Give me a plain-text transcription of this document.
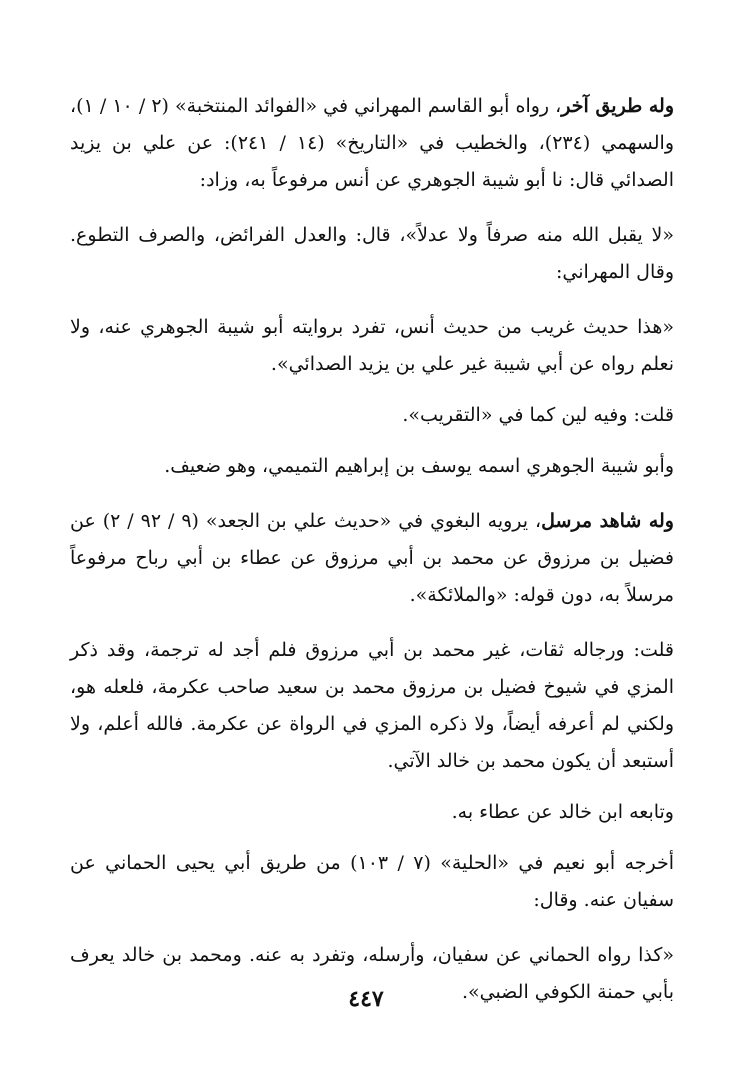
وله طريق آخر، رواه أبو القاسم المهراني في «الفوائد المنتخبة» (٢ / ١٠ / ١)، والسهمي (٢٣٤)، والخطيب في «التاريخ» (١٤ / ٢٤١): عن علي بن يزيد الصدائي قال: نا أبو شيبة الجوهري عن أنس مرفوعاً به، وزاد:

«لا يقبل الله منه صرفاً ولا عدلاً»، قال: والعدل الفرائض، والصرف التطوع. وقال المهراني:

«هذا حديث غريب من حديث أنس، تفرد بروايته أبو شيبة الجوهري عنه، ولا نعلم رواه عن أبي شيبة غير علي بن يزيد الصدائي».

قلت: وفيه لين كما في «التقريب».

وأبو شيبة الجوهري اسمه يوسف بن إبراهيم التميمي، وهو ضعيف.

وله شاهد مرسل، يرويه البغوي في «حديث علي بن الجعد» (٩ / ٩٢ / ٢) عن فضيل بن مرزوق عن محمد بن أبي مرزوق عن عطاء بن أبي رباح مرفوعاً مرسلاً به، دون قوله: «والملائكة».

قلت: ورجاله ثقات، غير محمد بن أبي مرزوق فلم أجد له ترجمة، وقد ذكر المزي في شيوخ فضيل بن مرزوق محمد بن سعيد صاحب عكرمة، فلعله هو، ولكني لم أعرفه أيضاً، ولا ذكره المزي في الرواة عن عكرمة. فالله أعلم، ولا أستبعد أن يكون محمد بن خالد الآتي.

وتابعه ابن خالد عن عطاء به.

أخرجه أبو نعيم في «الحلية» (٧ / ١٠٣) من طريق أبي يحيى الحماني عن سفيان عنه. وقال:

«كذا رواه الحماني عن سفيان، وأرسله، وتفرد به عنه. ومحمد بن خالد يعرف بأبي حمنة الكوفي الضبي».

٤٤٧
